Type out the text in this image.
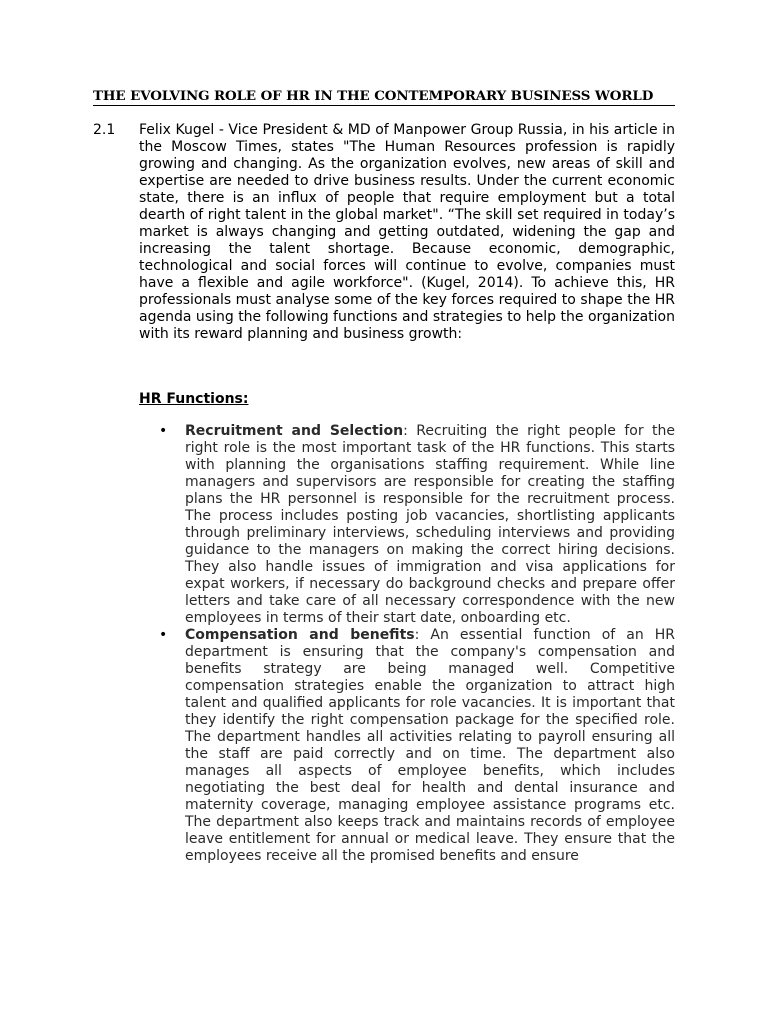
THE EVOLVING ROLE OF HR IN THE CONTEMPORARY BUSINESS WORLD
2.1 Felix Kugel - Vice President & MD of Manpower Group Russia, in his article in the Moscow Times, states "The Human Resources profession is rapidly growing and changing. As the organization evolves, new areas of skill and expertise are needed to drive business results. Under the current economic state, there is an influx of people that require employment but a total dearth of right talent in the global market". “The skill set required in today’s market is always changing and getting outdated, widening the gap and increasing the talent shortage. Because economic, demographic, technological and social forces will continue to evolve, companies must have a flexible and agile workforce". (Kugel, 2014). To achieve this, HR professionals must analyse some of the key forces required to shape the HR agenda using the following functions and strategies to help the organization with its reward planning and business growth:

HR Functions:
• Recruitment and Selection: Recruiting the right people for the right role is the most important task of the HR functions. This starts with planning the organisations staffing requirement. While line managers and supervisors are responsible for creating the staffing plans the HR personnel is responsible for the recruitment process. The process includes posting job vacancies, shortlisting applicants through preliminary interviews, scheduling interviews and providing guidance to the managers on making the correct hiring decisions. They also handle issues of immigration and visa applications for expat workers, if necessary do background checks and prepare offer letters and take care of all necessary correspondence with the new employees in terms of their start date, onboarding etc.
• Compensation and benefits: An essential function of an HR department is ensuring that the company's compensation and benefits strategy are being managed well. Competitive compensation strategies enable the organization to attract high talent and qualified applicants for role vacancies. It is important that they identify the right compensation package for the specified role. The department handles all activities relating to payroll ensuring all the staff are paid correctly and on time. The department also manages all aspects of employee benefits, which includes negotiating the best deal for health and dental insurance and maternity coverage, managing employee assistance programs etc. The department also keeps track and maintains records of employee leave entitlement for annual or medical leave. They ensure that the employees receive all the promised benefits and ensure
